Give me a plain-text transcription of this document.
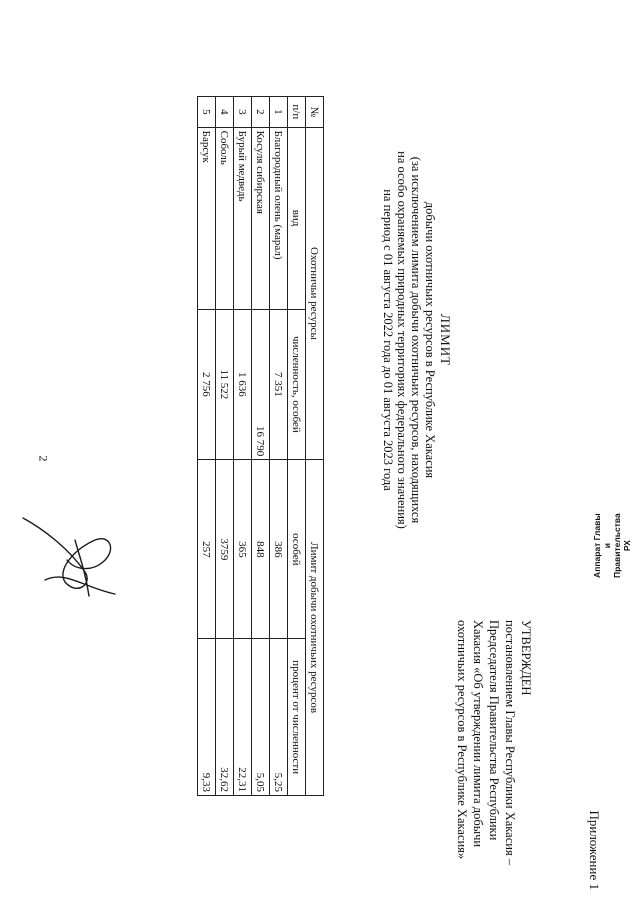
2
Приложение 1
УТВЕРЖДЕН
постановлением Главы Республики Хакасия –
Председателя Правительства Республики
Хакасия «Об утверждении лимита добычи
охотничьих ресурсов в Республике Хакасия»
ЛИМИТ
добычи охотничьих ресурсов в Республике Хакасия
(за исключением лимита добычи охотничьих ресурсов, находящихся
на особо охраняемых природных территориях федерального значения)
на период с 01 августа 2022 года до 01 августа 2023 года
№	Охотничьи ресурсы		Лимит добычи охотничьих ресурсов	
п/п	вид	численность, особей	особей	процент от численности
1	Благородный олень (марал)	7 351	386	5,25
2	Косуля сибирская	16 790	848	5,05
3	Бурый медведь	1 636	365	22,31
4	Соболь	11 522	3759	32,62
5	Барсук	2 756	257	9,33
Аппарат Главы и Правительства РХ
